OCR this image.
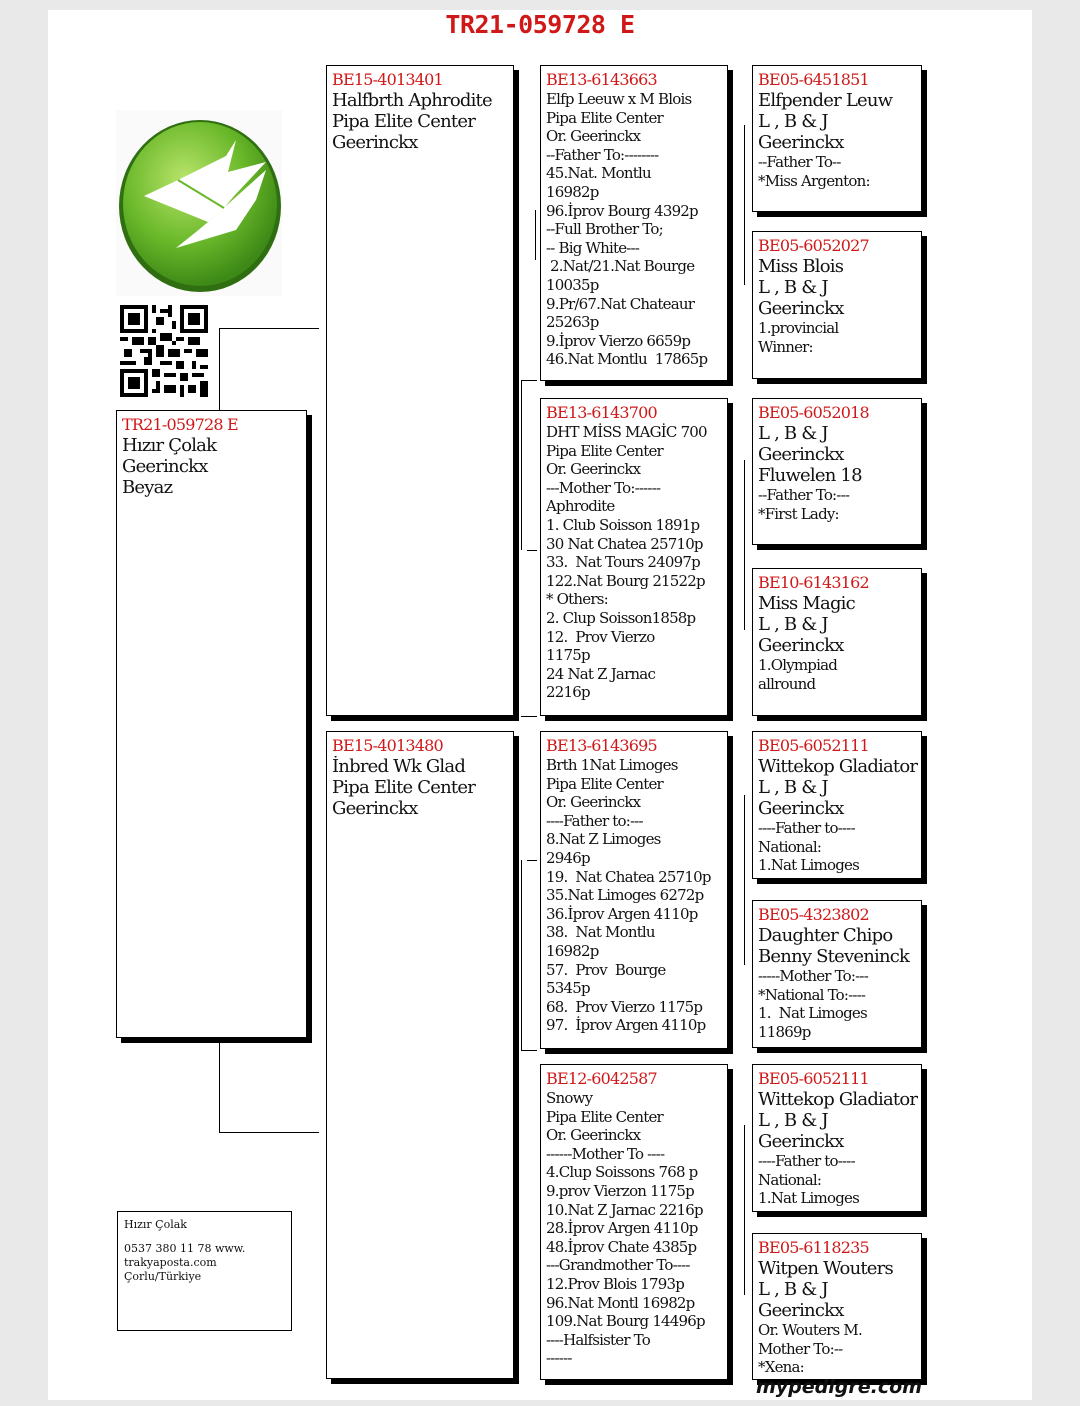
TR21-059728 E
TR21-059728 E
Hızır Çolak
Geerinckx
Beyaz
BE15-4013401
Halfbrth Aphrodite
Pipa Elite Center
Geerinckx
BE15-4013480
İnbred Wk Glad
Pipa Elite Center
Geerinckx
BE13-6143663
Elfp Leeuw x M Blois
Pipa Elite Center
Or. Geerinckx
--Father To:--------
45.Nat. Montlu
16982p
96.İprov Bourg 4392p
--Full Brother To;
-- Big White---
2.Nat/21.Nat Bourge
10035p
9.Pr/67.Nat Chateaur
25263p
9.İprov Vierzo 6659p
46.Nat Montlu  17865p
BE13-6143700
DHT MİSS MAGİC 700
Pipa Elite Center
Or. Geerinckx
---Mother To:------
Aphrodite
1. Club Soisson 1891p
30 Nat Chatea 25710p
33.  Nat Tours 24097p
122.Nat Bourg 21522p
* Others:
2. Clup Soisson1858p
12.  Prov Vierzo
1175p
24 Nat Z Jarnac
2216p
BE13-6143695
Brth 1Nat Limoges
Pipa Elite Center
Or. Geerinckx
----Father to:---
8.Nat Z Limoges
2946p
19.  Nat Chatea 25710p
35.Nat Limoges 6272p
36.İprov Argen 4110p
38.  Nat Montlu
16982p
57.  Prov  Bourge
5345p
68.  Prov Vierzo 1175p
97.  İprov Argen 4110p
BE12-6042587
Snowy
Pipa Elite Center
Or. Geerinckx
------Mother To ----
4.Clup Soissons 768 p
9.prov Vierzon 1175p
10.Nat Z Jarnac 2216p
28.İprov Argen 4110p
48.İprov Chate 4385p
---Grandmother To----
12.Prov Blois 1793p
96.Nat Montl 16982p
109.Nat Bourg 14496p
----Halfsister To
------
BE05-6451851
Elfpender Leuw
L , B & J
Geerinckx
--Father To--
*Miss Argenton:
BE05-6052027
Miss Blois
L , B & J
Geerinckx
1.provincial
Winner:
BE05-6052018
L , B & J
Geerinckx
Fluwelen 18
--Father To:---
*First Lady:
BE10-6143162
Miss Magic
L , B & J
Geerinckx
1.Olympiad
allround
BE05-6052111
Wittekop Gladiator
L , B & J
Geerinckx
----Father to----
National:
1.Nat Limoges
BE05-4323802
Daughter Chipo
Benny Steveninck
-----Mother To:---
*National To:----
1.  Nat Limoges
11869p
BE05-6052111
Wittekop Gladiator
L , B & J
Geerinckx
----Father to----
National:
1.Nat Limoges
BE05-6118235
Witpen Wouters
L , B & J
Geerinckx
Or. Wouters M.
Mother To:--
*Xena:
Hızır Çolak
0537 380 11 78 www.
trakyaposta.com
Çorlu/Türkiye
mypedigre.com
